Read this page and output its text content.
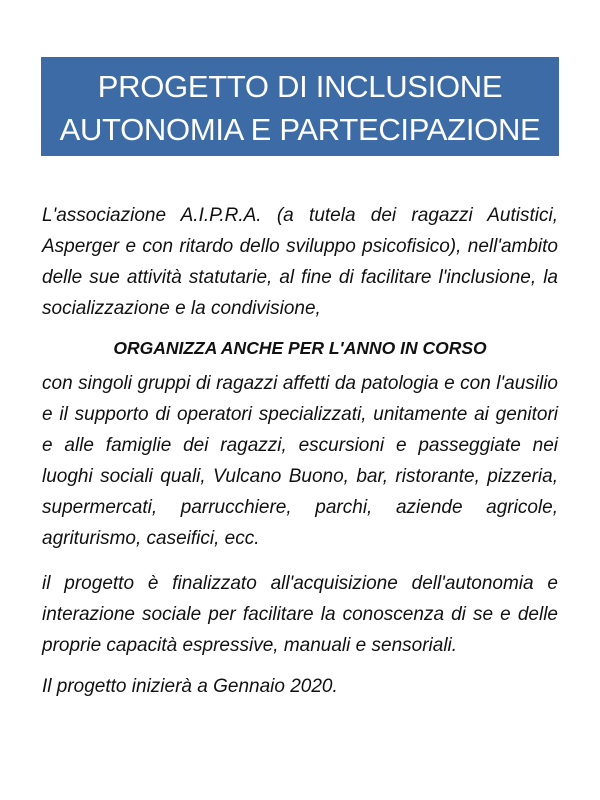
PROGETTO DI INCLUSIONE
AUTONOMIA E PARTECIPAZIONE

L'associazione A.I.P.R.A. (a tutela dei ragazzi Autistici, Asperger e con ritardo dello sviluppo psicofisico), nell'ambito delle sue attività statutarie, al fine di facilitare l'inclusione, la socializzazione e la condivisione,

ORGANIZZA ANCHE PER L'ANNO IN CORSO

con singoli gruppi di ragazzi affetti da patologia e con l'ausilio e il supporto di operatori specializzati, unitamente ai genitori e alle famiglie dei ragazzi, escursioni e passeggiate nei luoghi sociali quali, Vulcano Buono, bar, ristorante, pizzeria, supermercati, parrucchiere, parchi, aziende agricole, agriturismo, caseifici, ecc.

il progetto è finalizzato all'acquisizione dell'autonomia e interazione sociale per facilitare la conoscenza di se e delle proprie capacità espressive, manuali e sensoriali.

Il progetto inizierà a Gennaio 2020.
